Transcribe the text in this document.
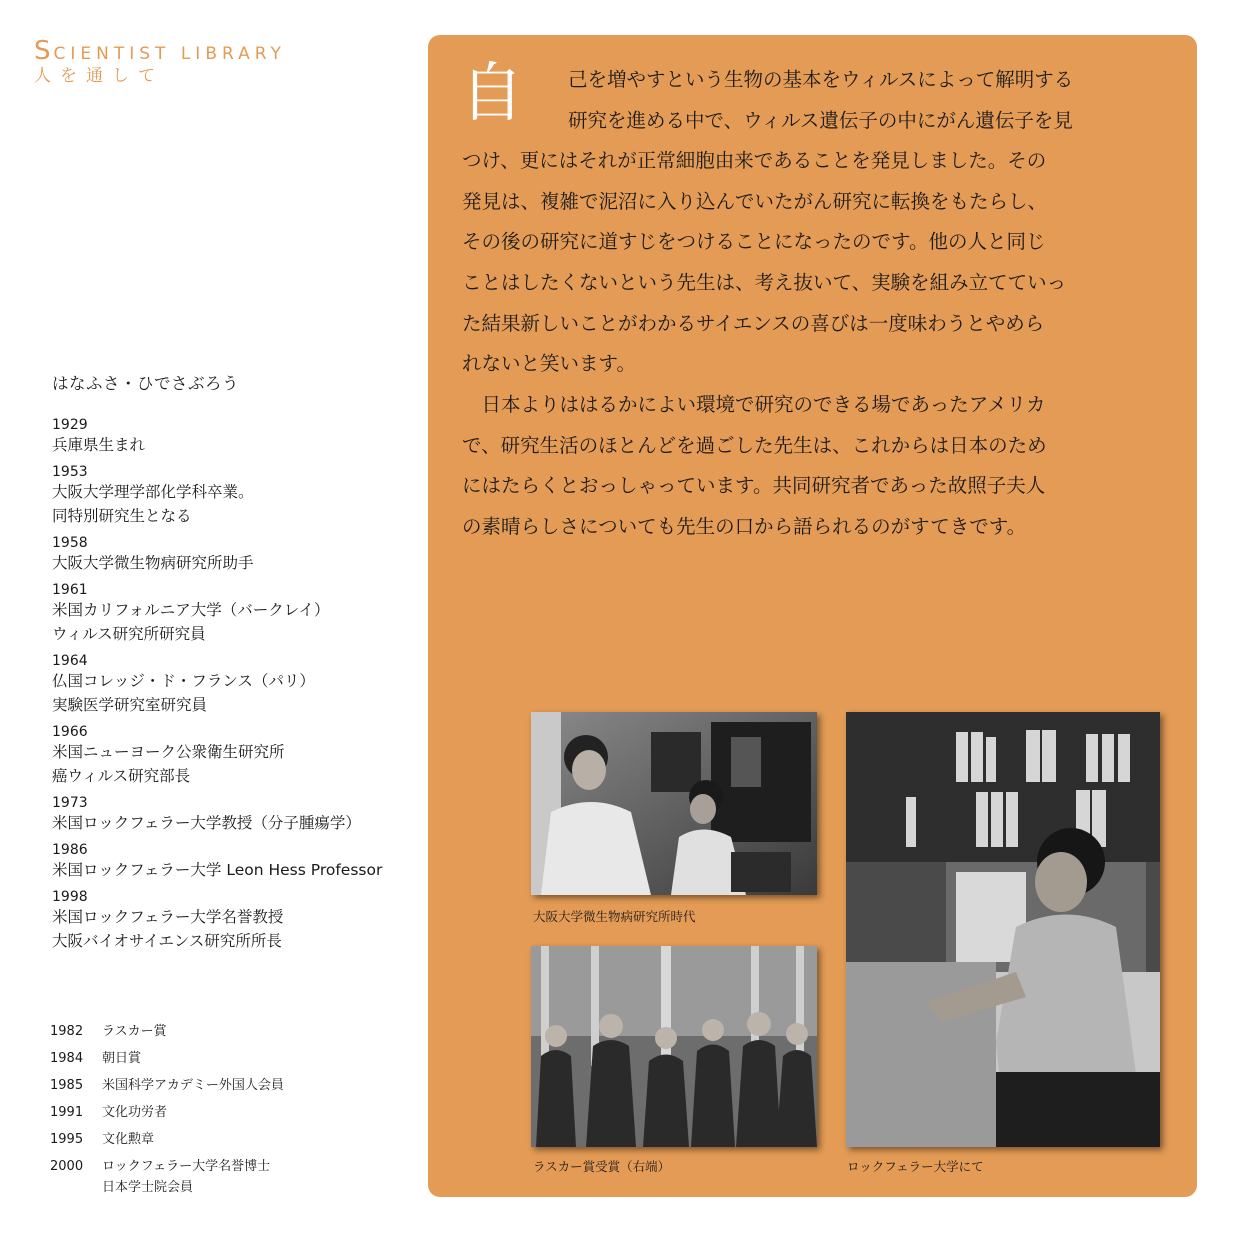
SCIENTIST LIBRARY
人を通して
はなふさ・ひでさぶろう
1929
兵庫県生まれ
1953
大阪大学理学部化学科卒業。
同特別研究生となる
1958
大阪大学微生物病研究所助手
1961
米国カリフォルニア大学（バークレイ）
ウィルス研究所研究員
1964
仏国コレッジ・ド・フランス（パリ）
実験医学研究室研究員
1966
米国ニューヨーク公衆衛生研究所
癌ウィルス研究部長
1973
米国ロックフェラー大学教授（分子腫瘍学）
1986
米国ロックフェラー大学 Leon Hess Professor
1998
米国ロックフェラー大学名誉教授
大阪バイオサイエンス研究所所長
1982	ラスカー賞
1984	朝日賞
1985	米国科学アカデミー外国人会員
1991	文化功労者
1995	文化勲章
2000	ロックフェラー大学名誉博士
日本学士院会員
自	己を増やすという生物の基本をウィルスによって解明する
研究を進める中で、ウィルス遺伝子の中にがん遺伝子を見
つけ、更にはそれが正常細胞由来であることを発見しました。その
発見は、複雑で泥沼に入り込んでいたがん研究に転換をもたらし、
その後の研究に道すじをつけることになったのです。他の人と同じ
ことはしたくないという先生は、考え抜いて、実験を組み立てていっ
た結果新しいことがわかるサイエンスの喜びは一度味わうとやめら
れないと笑います。
　日本よりははるかによい環境で研究のできる場であったアメリカ
で、研究生活のほとんどを過ごした先生は、これからは日本のため
にはたらくとおっしゃっています。共同研究者であった故照子夫人
の素晴らしさについても先生の口から語られるのがすてきです。
大阪大学微生物病研究所時代
ラスカー賞受賞（右端）	ロックフェラー大学にて
